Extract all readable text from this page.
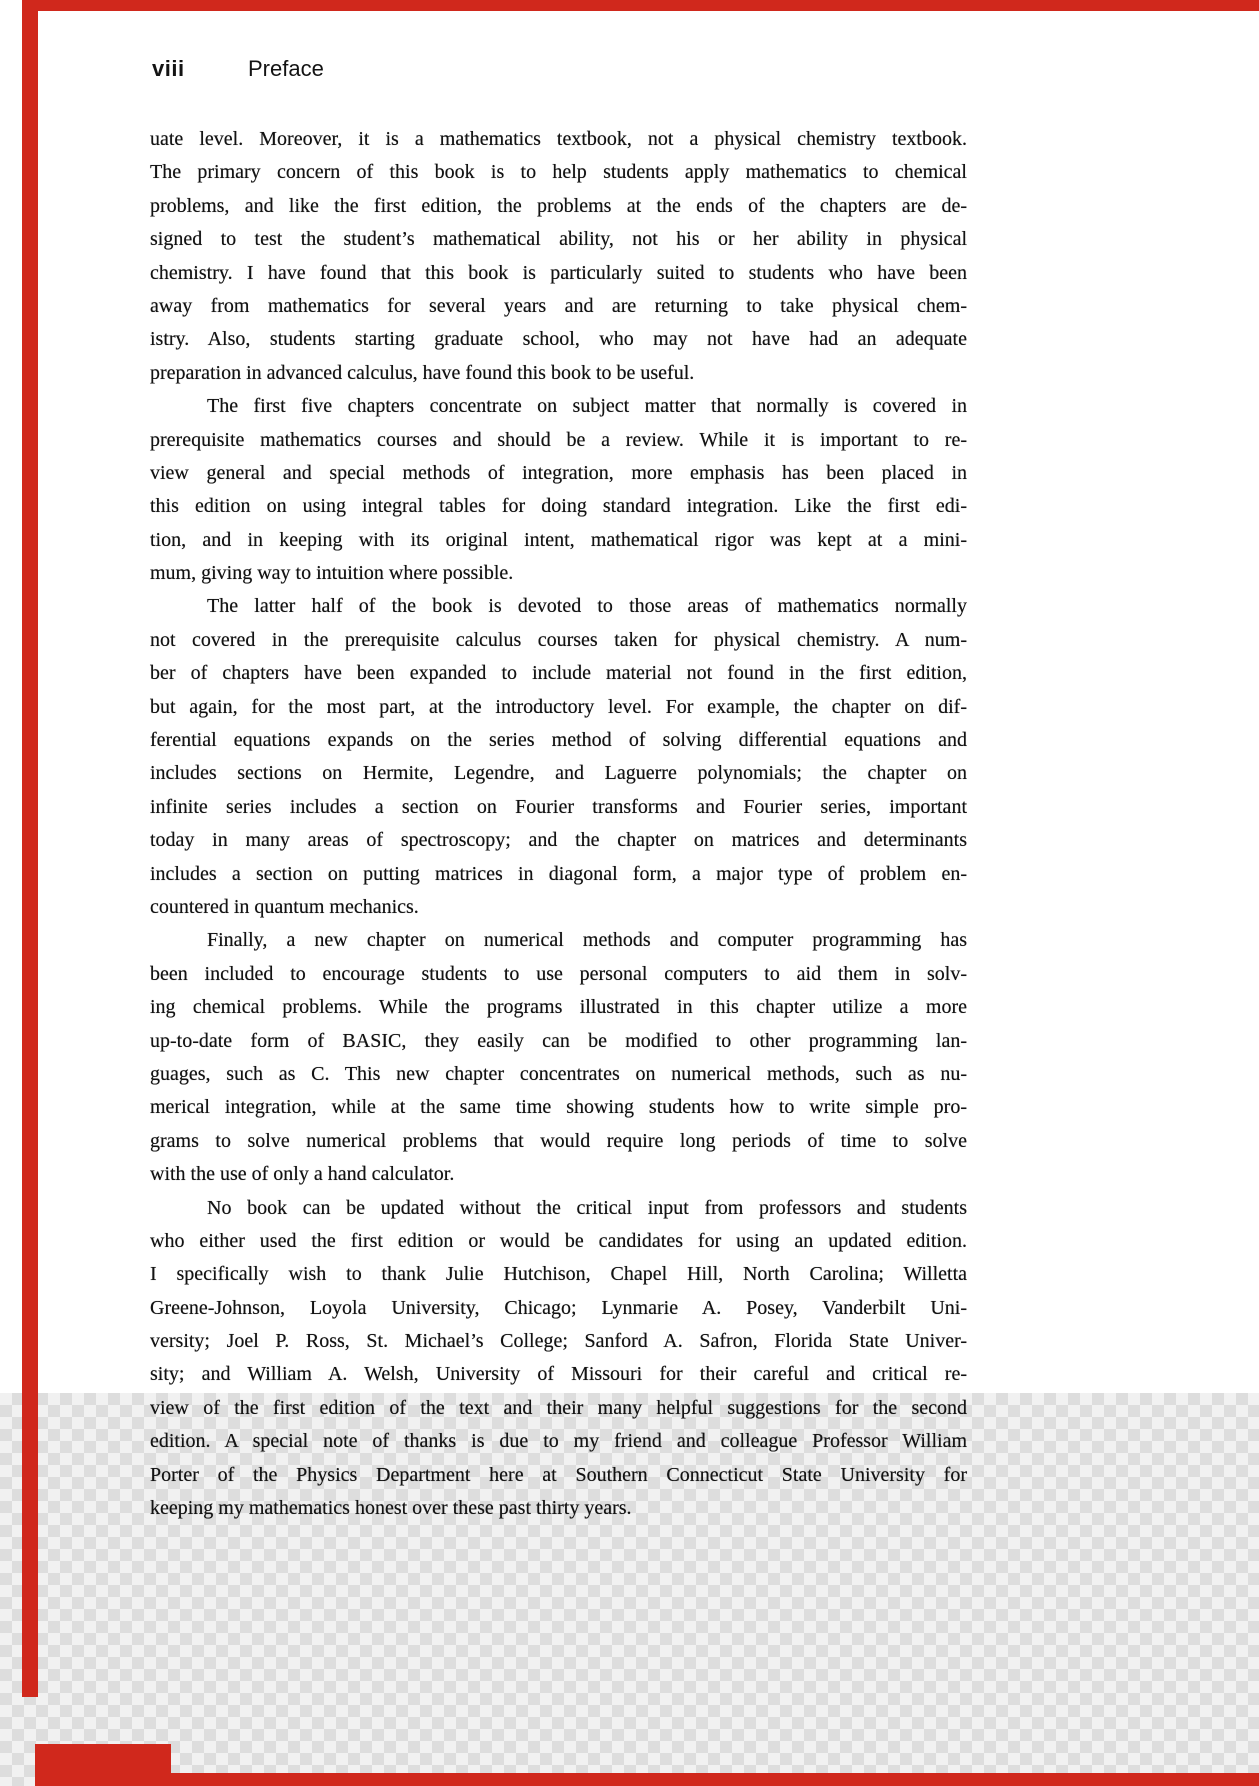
viii	Preface
uate level. Moreover, it is a mathematics textbook, not a physical chemistry textbook.
The primary concern of this book is to help students apply mathematics to chemical
problems, and like the first edition, the problems at the ends of the chapters are de-
signed to test the student’s mathematical ability, not his or her ability in physical
chemistry. I have found that this book is particularly suited to students who have been
away from mathematics for several years and are returning to take physical chem-
istry. Also, students starting graduate school, who may not have had an adequate
preparation in advanced calculus, have found this book to be useful.
The first five chapters concentrate on subject matter that normally is covered in
prerequisite mathematics courses and should be a review. While it is important to re-
view general and special methods of integration, more emphasis has been placed in
this edition on using integral tables for doing standard integration. Like the first edi-
tion, and in keeping with its original intent, mathematical rigor was kept at a mini-
mum, giving way to intuition where possible.
The latter half of the book is devoted to those areas of mathematics normally
not covered in the prerequisite calculus courses taken for physical chemistry. A num-
ber of chapters have been expanded to include material not found in the first edition,
but again, for the most part, at the introductory level. For example, the chapter on dif-
ferential equations expands on the series method of solving differential equations and
includes sections on Hermite, Legendre, and Laguerre polynomials; the chapter on
infinite series includes a section on Fourier transforms and Fourier series, important
today in many areas of spectroscopy; and the chapter on matrices and determinants
includes a section on putting matrices in diagonal form, a major type of problem en-
countered in quantum mechanics.
Finally, a new chapter on numerical methods and computer programming has
been included to encourage students to use personal computers to aid them in solv-
ing chemical problems. While the programs illustrated in this chapter utilize a more
up-to-date form of BASIC, they easily can be modified to other programming lan-
guages, such as C. This new chapter concentrates on numerical methods, such as nu-
merical integration, while at the same time showing students how to write simple pro-
grams to solve numerical problems that would require long periods of time to solve
with the use of only a hand calculator.
No book can be updated without the critical input from professors and students
who either used the first edition or would be candidates for using an updated edition.
I specifically wish to thank Julie Hutchison, Chapel Hill, North Carolina; Willetta
Greene-Johnson, Loyola University, Chicago; Lynmarie A. Posey, Vanderbilt Uni-
versity; Joel P. Ross, St. Michael’s College; Sanford A. Safron, Florida State Univer-
sity; and William A. Welsh, University of Missouri for their careful and critical re-
view of the first edition of the text and their many helpful suggestions for the second
edition. A special note of thanks is due to my friend and colleague Professor William
Porter of the Physics Department here at Southern Connecticut State University for
keeping my mathematics honest over these past thirty years.
